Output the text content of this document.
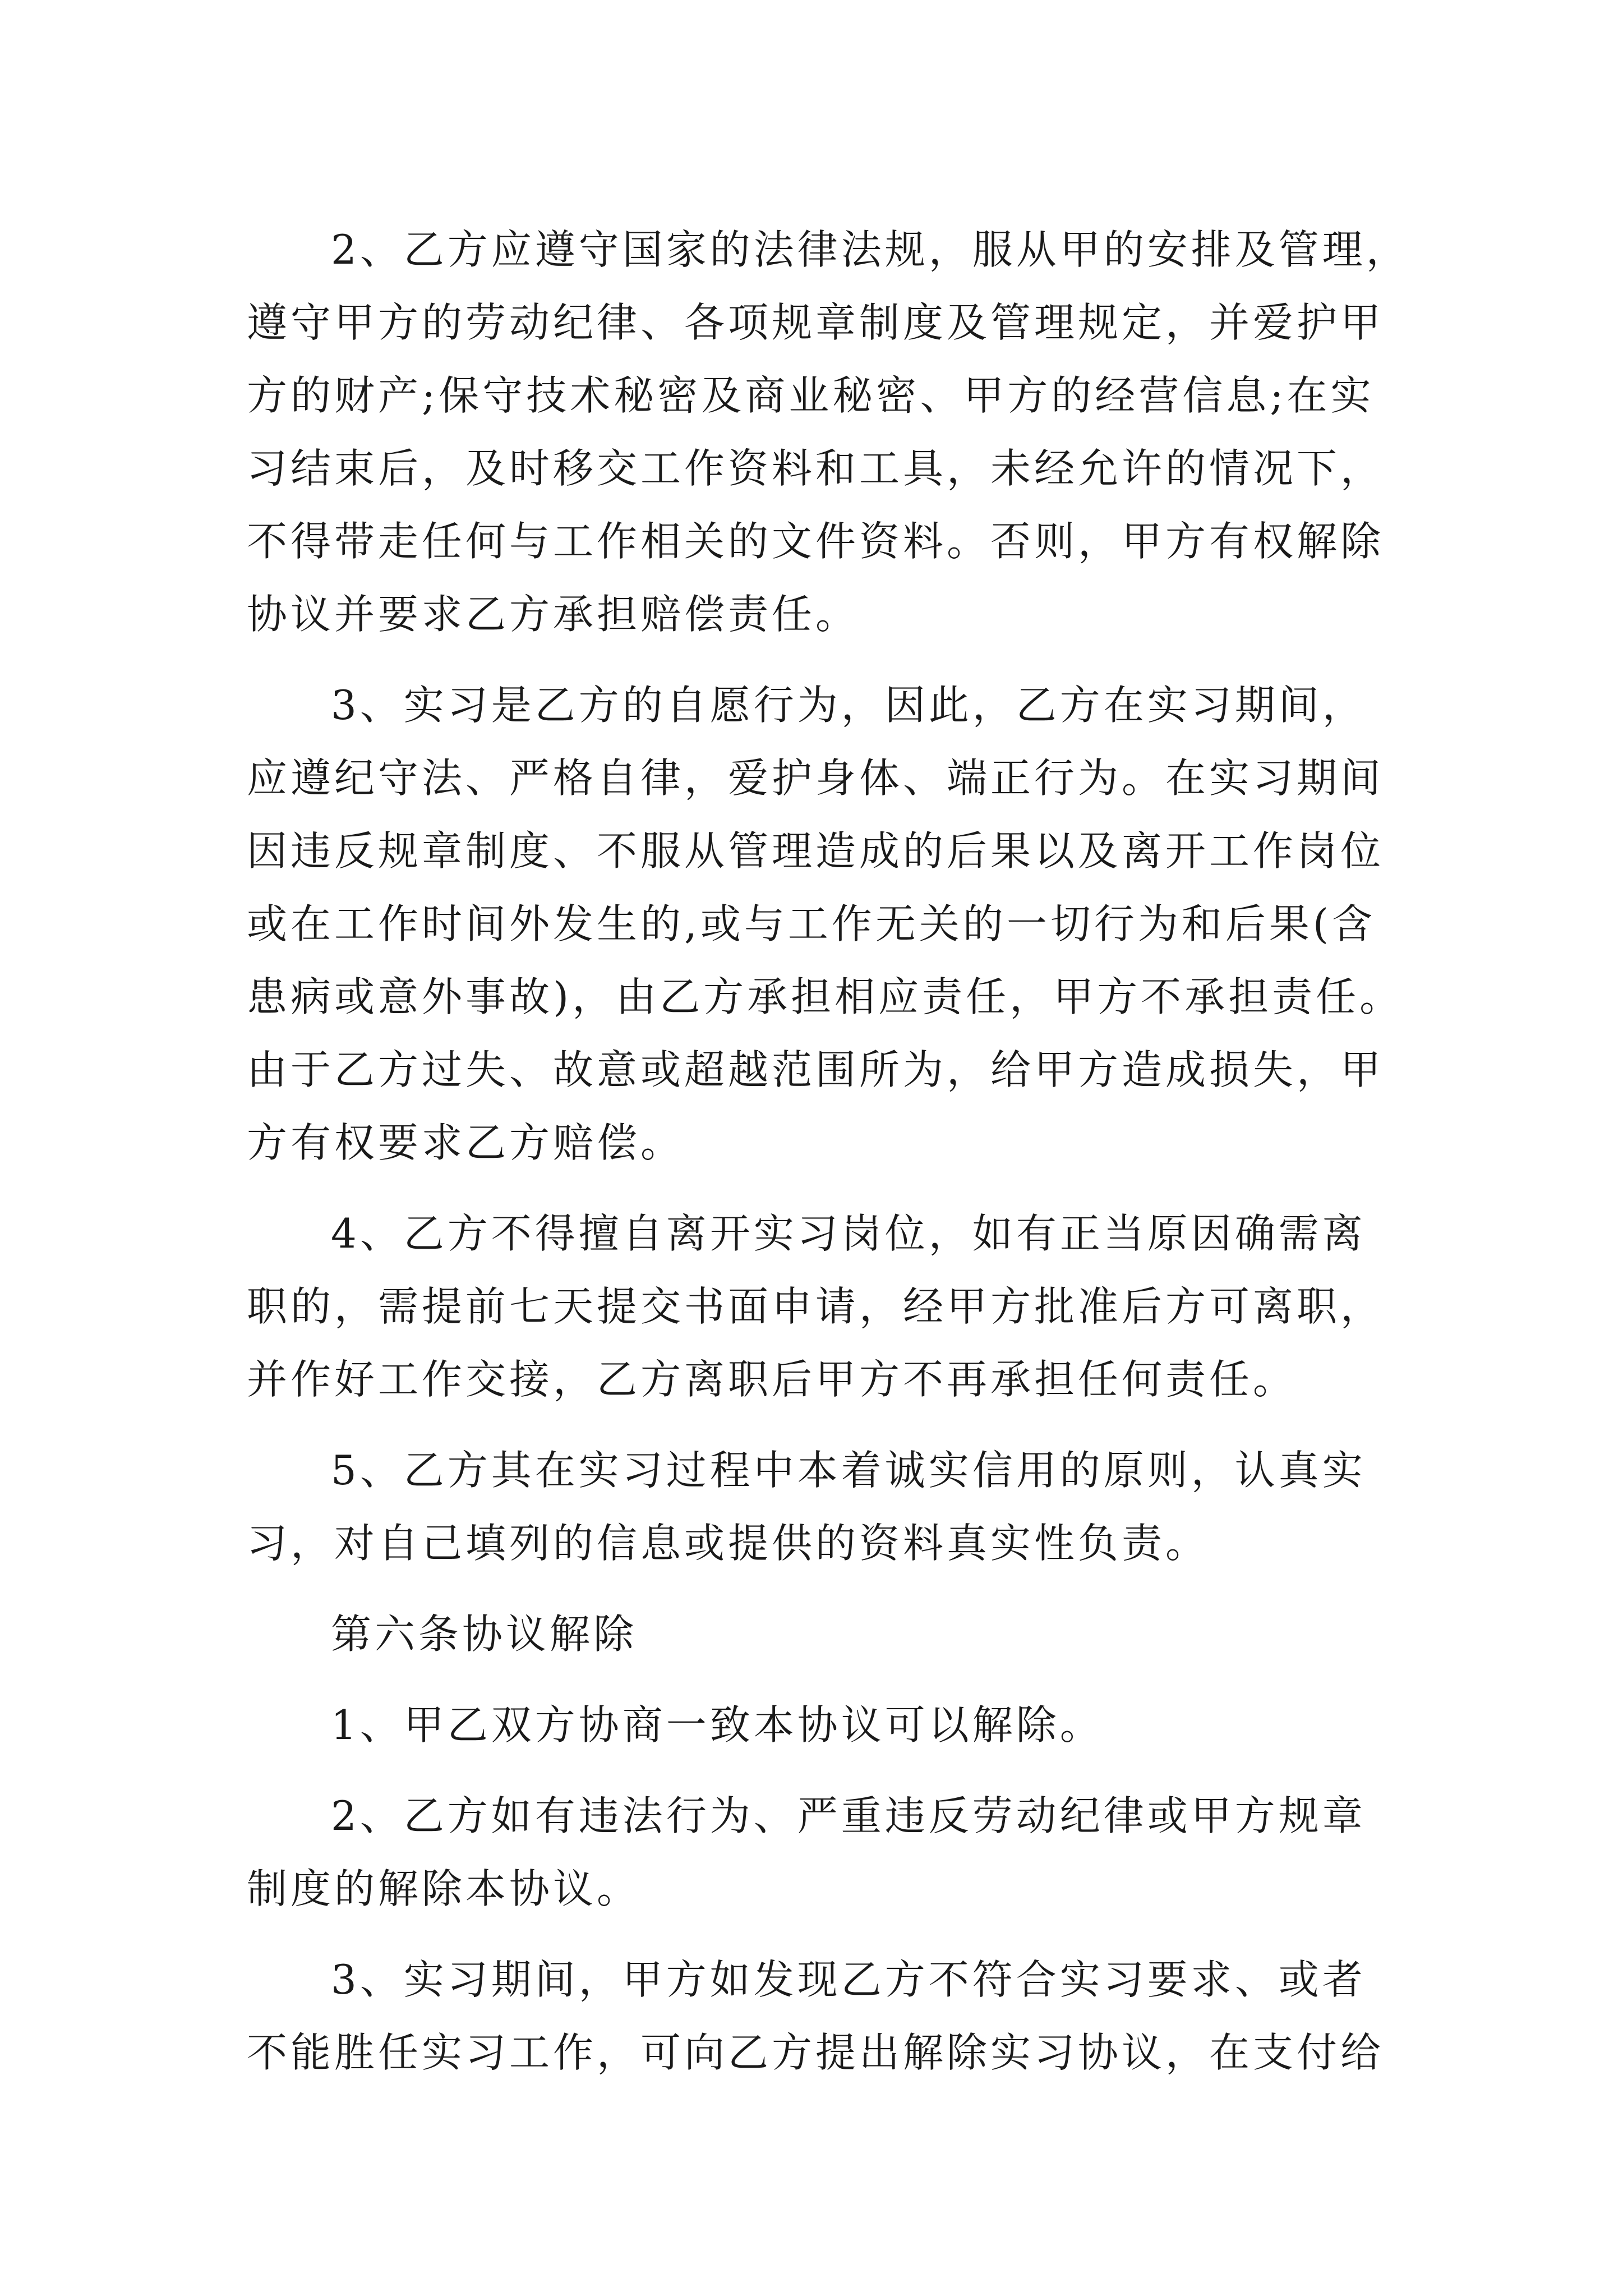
2、乙方应遵守国家的法律法规，服从甲的安排及管理，
遵守甲方的劳动纪律、各项规章制度及管理规定，并爱护甲
方的财产;保守技术秘密及商业秘密、甲方的经营信息;在实
习结束后，及时移交工作资料和工具，未经允许的情况下，
不得带走任何与工作相关的文件资料。否则，甲方有权解除
协议并要求乙方承担赔偿责任。
3、实习是乙方的自愿行为，因此，乙方在实习期间，
应遵纪守法、严格自律，爱护身体、端正行为。在实习期间
因违反规章制度、不服从管理造成的后果以及离开工作岗位
或在工作时间外发生的,或与工作无关的一切行为和后果(含
患病或意外事故)，由乙方承担相应责任，甲方不承担责任。
由于乙方过失、故意或超越范围所为，给甲方造成损失，甲
方有权要求乙方赔偿。
4、乙方不得擅自离开实习岗位，如有正当原因确需离
职的，需提前七天提交书面申请，经甲方批准后方可离职，
并作好工作交接，乙方离职后甲方不再承担任何责任。
5、乙方其在实习过程中本着诚实信用的原则，认真实
习，对自己填列的信息或提供的资料真实性负责。
第六条协议解除
1、甲乙双方协商一致本协议可以解除。
2、乙方如有违法行为、严重违反劳动纪律或甲方规章
制度的解除本协议。
3、实习期间，甲方如发现乙方不符合实习要求、或者
不能胜任实习工作，可向乙方提出解除实习协议，在支付给
